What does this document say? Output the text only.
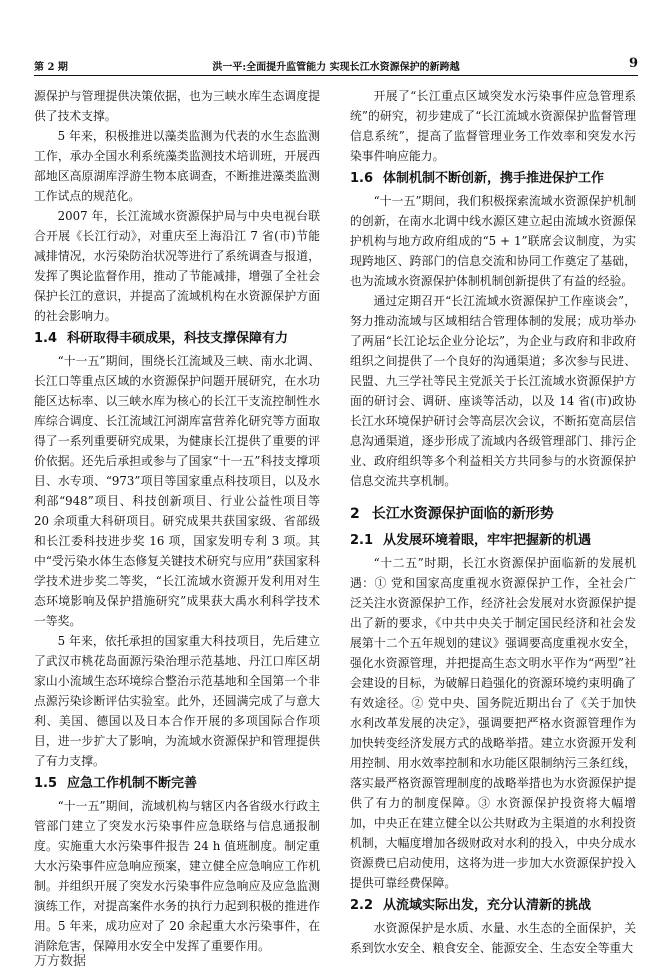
第 2 期	洪一平:全面提升监管能力 实现长江水资源保护的新跨越	9

源保护与管理提供决策依据，也为三峡水库生态调度提供了技术支撑。

5 年来，积极推进以藻类监测为代表的水生态监测工作，承办全国水利系统藻类监测技术培训班，开展西部地区高原湖库浮游生物本底调查，不断推进藻类监测工作试点的规范化。

2007 年，长江流域水资源保护局与中央电视台联合开展《长江行动》，对重庆至上海沿江 7 省(市)节能减排情况，水污染防治状况等进行了系统调查与报道，发挥了舆论监督作用，推动了节能减排，增强了全社会保护长江的意识，并提高了流域机构在水资源保护方面的社会影响力。

1.4 科研取得丰硕成果，科技支撑保障有力

“十一五”期间，围绕长江流域及三峡、南水北调、长江口等重点区域的水资源保护问题开展研究，在水功能区达标率、以三峡水库为核心的长江干支流控制性水库综合调度、长江流域江河湖库富营养化研究等方面取得了一系列重要研究成果，为健康长江提供了重要的评价依据。还先后承担或参与了国家“十一五”科技支撑项目、水专项、“973”项目等国家重点科技项目，以及水利部“948”项目、科技创新项目、行业公益性项目等 20 余项重大科研项目。研究成果共获国家级、省部级和长江委科技进步奖 16 项，国家发明专利 3 项。其中“受污染水体生态修复关键技术研究与应用”获国家科学技术进步奖二等奖，“长江流域水资源开发利用对生态环境影响及保护措施研究”成果获大禹水利科学技术一等奖。

5 年来，依托承担的国家重大科技项目，先后建立了武汉市桃花岛面源污染治理示范基地、丹江口库区胡家山小流域生态环境综合整治示范基地和全国第一个非点源污染诊断评估实验室。此外，还圆满完成了与意大利、美国、德国以及日本合作开展的多项国际合作项目，进一步扩大了影响，为流域水资源保护和管理提供了有力支撑。

1.5 应急工作机制不断完善

“十一五”期间，流域机构与辖区内各省级水行政主管部门建立了突发水污染事件应急联络与信息通报制度。实施重大水污染事件报告 24 h 值班制度。制定重大水污染事件应急响应预案，建立健全应急响应工作机制。并组织开展了突发水污染事件应急响应及应急监测演练工作，对提高案件水务的执行力起到积极的推进作用。5 年来，成功应对了 20 余起重大水污染事件，在消除危害，保障用水安全中发挥了重要作用。

开展了“长江重点区域突发水污染事件应急管理系统”的研究，初步建成了“长江流域水资源保护监督管理信息系统”，提高了监督管理业务工作效率和突发水污染事件响应能力。

1.6 体制机制不断创新，携手推进保护工作

“十一五”期间，我们积极探索流域水资源保护机制的创新，在南水北调中线水源区建立起由流域水资源保护机构与地方政府组成的“5 + 1”联席会议制度，为实现跨地区、跨部门的信息交流和协同工作奠定了基础，也为流域水资源保护体制机制创新提供了有益的经验。

通过定期召开“长江流域水资源保护工作座谈会”，努力推动流域与区域相结合管理体制的发展；成功举办了两届“长江论坛企业分论坛”，为企业与政府和非政府组织之间提供了一个良好的沟通渠道；多次参与民进、民盟、九三学社等民主党派关于长江流域水资源保护方面的研讨会、调研、座谈等活动，以及 14 省(市)政协长江水环境保护研讨会等高层次会议，不断拓宽高层信息沟通渠道，逐步形成了流域内各级管理部门、排污企业、政府组织等多个利益相关方共同参与的水资源保护信息交流共享机制。

2 长江水资源保护面临的新形势
2.1 从发展环境着眼，牢牢把握新的机遇

“十二五”时期，长江水资源保护面临新的发展机遇：① 党和国家高度重视水资源保护工作，全社会广泛关注水资源保护工作，经济社会发展对水资源保护提出了新的要求，《中共中央关于制定国民经济和社会发展第十二个五年规划的建议》强调要高度重视水安全，强化水资源管理，并把提高生态文明水平作为“两型”社会建设的目标，为破解日趋强化的资源环境约束明确了有效途径。② 党中央、国务院近期出台了《关于加快水利改革发展的决定》，强调要把严格水资源管理作为加快转变经济发展方式的战略举措。建立水资源开发利用控制、用水效率控制和水功能区限制纳污三条红线，落实最严格资源管理制度的战略举措也为水资源保护提供了有力的制度保障。③ 水资源保护投资将大幅增加，中央正在建立健全以公共财政为主渠道的水利投资机制，大幅度增加各级财政对水利的投入，中央分成水资源费已启动使用，这将为进一步加大水资源保护投入提供可靠经费保障。

2.2 从流域实际出发，充分认清新的挑战

水资源保护是水质、水量、水生态的全面保护，关系到饮水安全、粮食安全、能源安全、生态安全等重大

万方数据
